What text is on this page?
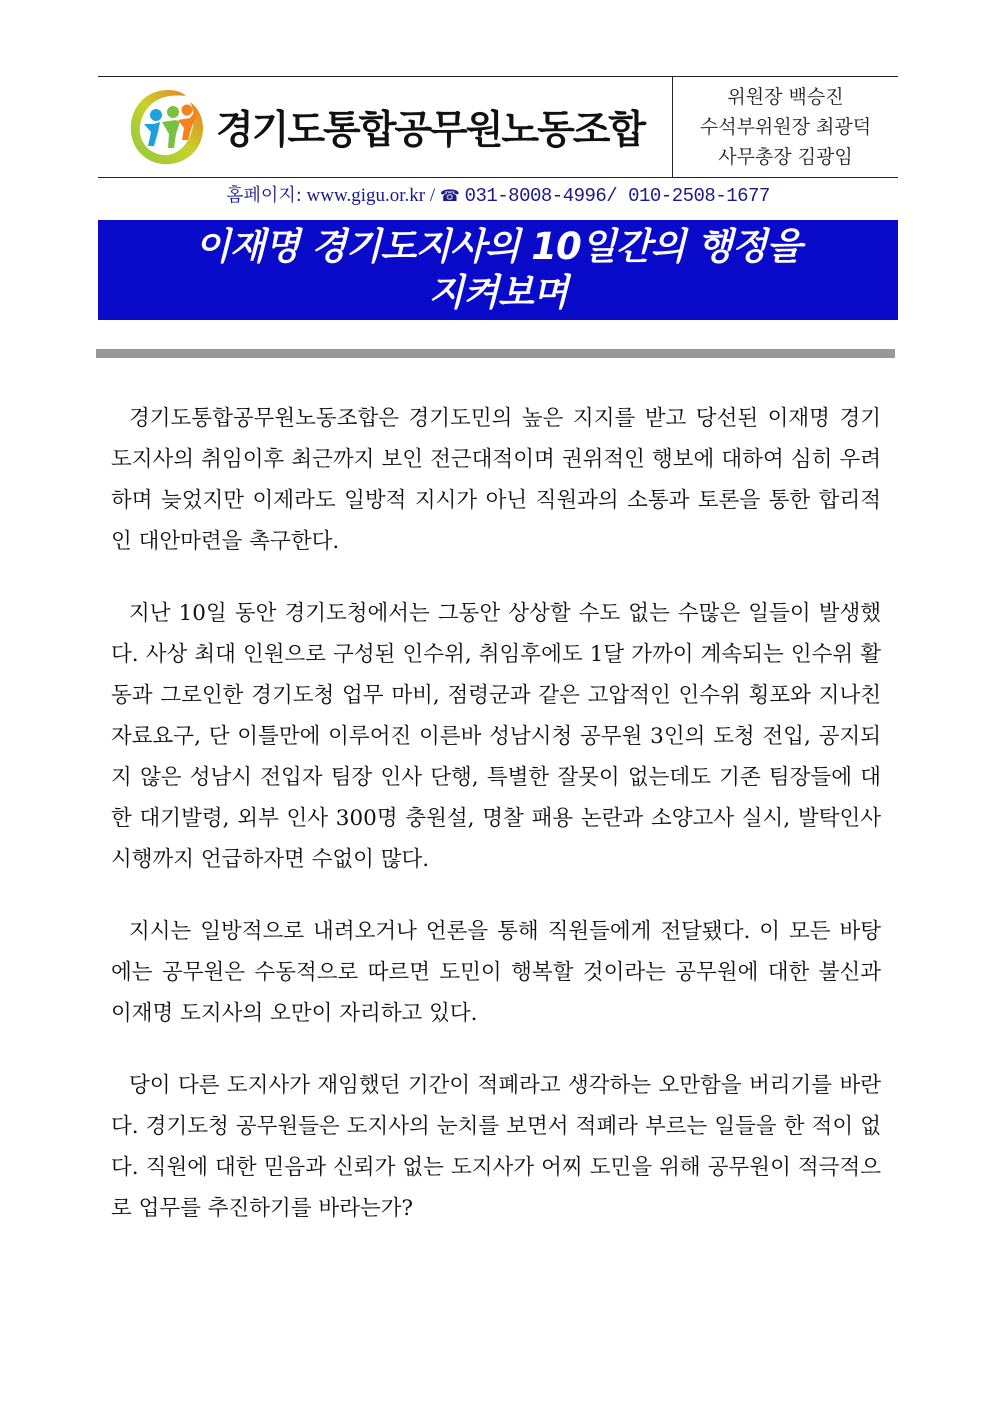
경기도통합공무원노동조합
위원장 백승진
수석부위원장 최광덕
사무총장 김광임
홈페이지: www.gigu.or.kr / ☎ 031-8008-4996/ 010-2508-1677
이재명 경기도지사의 10일간의 행정을
지켜보며

경기도통합공무원노동조합은 경기도민의 높은 지지를 받고 당선된 이재명 경기도지사의 취임이후 최근까지 보인 전근대적이며 권위적인 행보에 대하여 심히 우려하며 늦었지만 이제라도 일방적 지시가 아닌 직원과의 소통과 토론을 통한 합리적인 대안마련을 촉구한다.

지난 10일 동안 경기도청에서는 그동안 상상할 수도 없는 수많은 일들이 발생했다. 사상 최대 인원으로 구성된 인수위, 취임후에도 1달 가까이 계속되는 인수위 활동과 그로인한 경기도청 업무 마비, 점령군과 같은 고압적인 인수위 횡포와 지나친 자료요구, 단 이틀만에 이루어진 이른바 성남시청 공무원 3인의 도청 전입, 공지되지 않은 성남시 전입자 팀장 인사 단행, 특별한 잘못이 없는데도 기존 팀장들에 대한 대기발령, 외부 인사 300명 충원설, 명찰 패용 논란과 소양고사 실시, 발탁인사 시행까지 언급하자면 수없이 많다.

지시는 일방적으로 내려오거나 언론을 통해 직원들에게 전달됐다. 이 모든 바탕에는 공무원은 수동적으로 따르면 도민이 행복할 것이라는 공무원에 대한 불신과 이재명 도지사의 오만이 자리하고 있다.

당이 다른 도지사가 재임했던 기간이 적폐라고 생각하는 오만함을 버리기를 바란다. 경기도청 공무원들은 도지사의 눈치를 보면서 적폐라 부르는 일들을 한 적이 없다. 직원에 대한 믿음과 신뢰가 없는 도지사가 어찌 도민을 위해 공무원이 적극적으로 업무를 추진하기를 바라는가?
